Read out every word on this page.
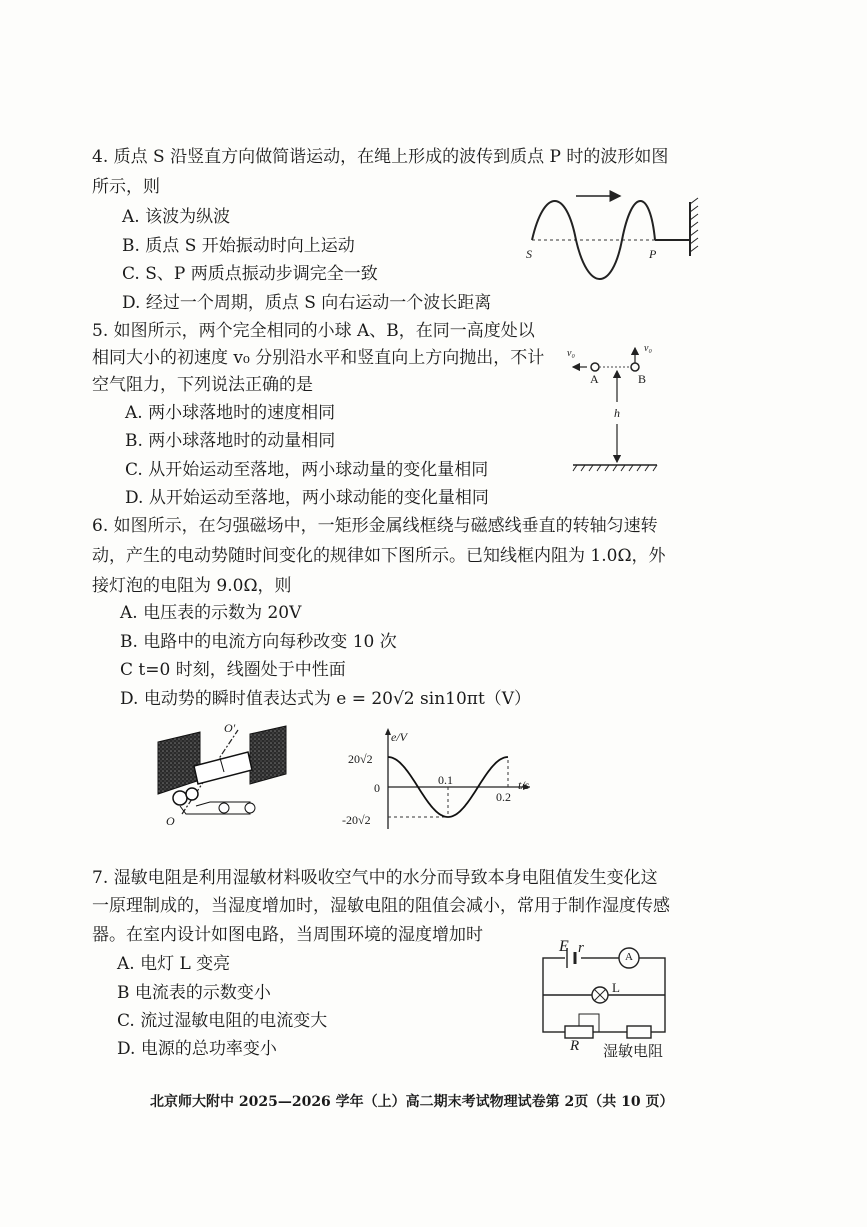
4. 质点 S 沿竖直方向做简谐运动，在绳上形成的波传到质点 P 时的波形如图
所示，则
A. 该波为纵波
B. 质点 S 开始振动时向上运动
C. S、P 两质点振动步调完全一致
D. 经过一个周期，质点 S 向右运动一个波长距离
S	P
5. 如图所示，两个完全相同的小球 A、B，在同一高度处以
相同大小的初速度 v₀ 分别沿水平和竖直向上方向抛出，不计
空气阻力，下列说法正确的是
A. 两小球落地时的速度相同
B. 两小球落地时的动量相同
C. 从开始运动至落地，两小球动量的变化量相同
D. 从开始运动至落地，两小球动能的变化量相同
v₀	v₀
A	B
h
6. 如图所示，在匀强磁场中，一矩形金属线框绕与磁感线垂直的转轴匀速转
动，产生的电动势随时间变化的规律如下图所示。已知线框内阻为 1.0Ω，外
接灯泡的电阻为 9.0Ω，则
A. 电压表的示数为 20V
B. 电路中的电流方向每秒改变 10 次
C t=0 时刻，线圈处于中性面
D. 电动势的瞬时值表达式为 e = 20√2 sin10πt（V）
O′
O
e/V
t/s
20√2
0
-20√2
0.1
0.2
7. 湿敏电阻是利用湿敏材料吸收空气中的水分而导致本身电阻值发生变化这
一原理制成的，当湿度增加时，湿敏电阻的阻值会减小，常用于制作湿度传感
器。在室内设计如图电路，当周围环境的湿度增加时
A. 电灯 L 变亮
B 电流表的示数变小
C. 流过湿敏电阻的电流变大
D. 电源的总功率变小
E r
A
L
R 湿敏电阻
北京师大附中 2025—2026 学年（上）高二期末考试物理试卷第 2页（共 10 页）
